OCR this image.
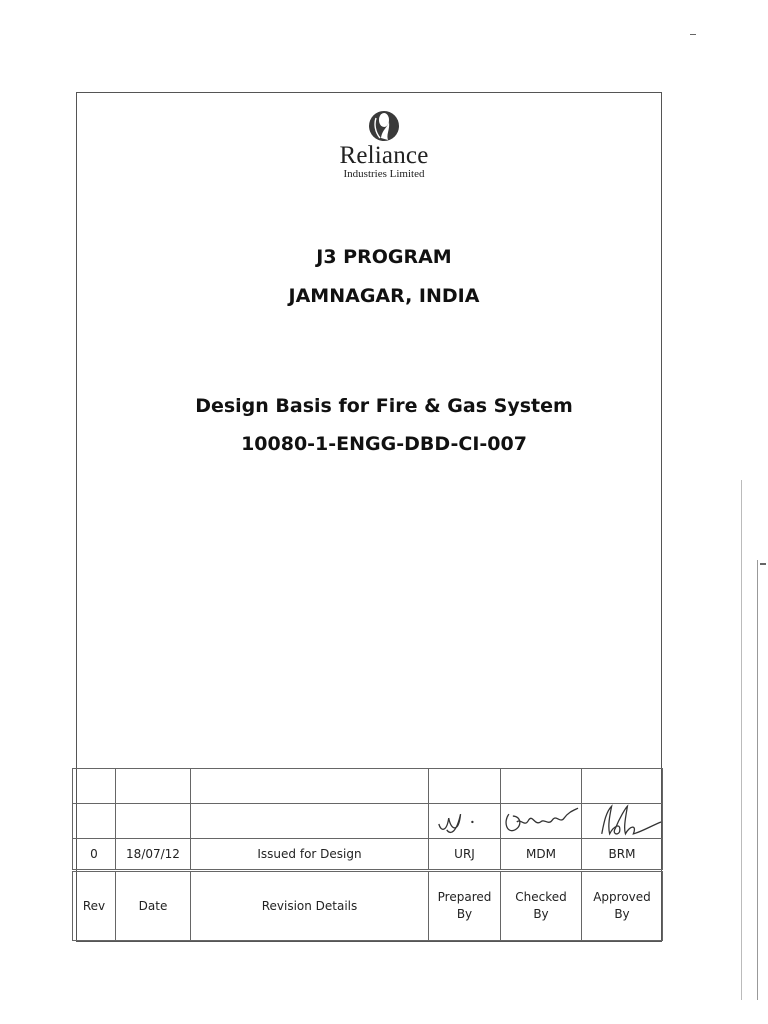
Reliance
Industries Limited
J3 PROGRAM
JAMNAGAR, INDIA
Design Basis for Fire & Gas System
10080-1-ENGG-DBD-CI-007

0	18/07/12	Issued for Design	URJ	MDM	BRM
Rev	Date	Revision Details	Prepared By	Checked By	Approved By
